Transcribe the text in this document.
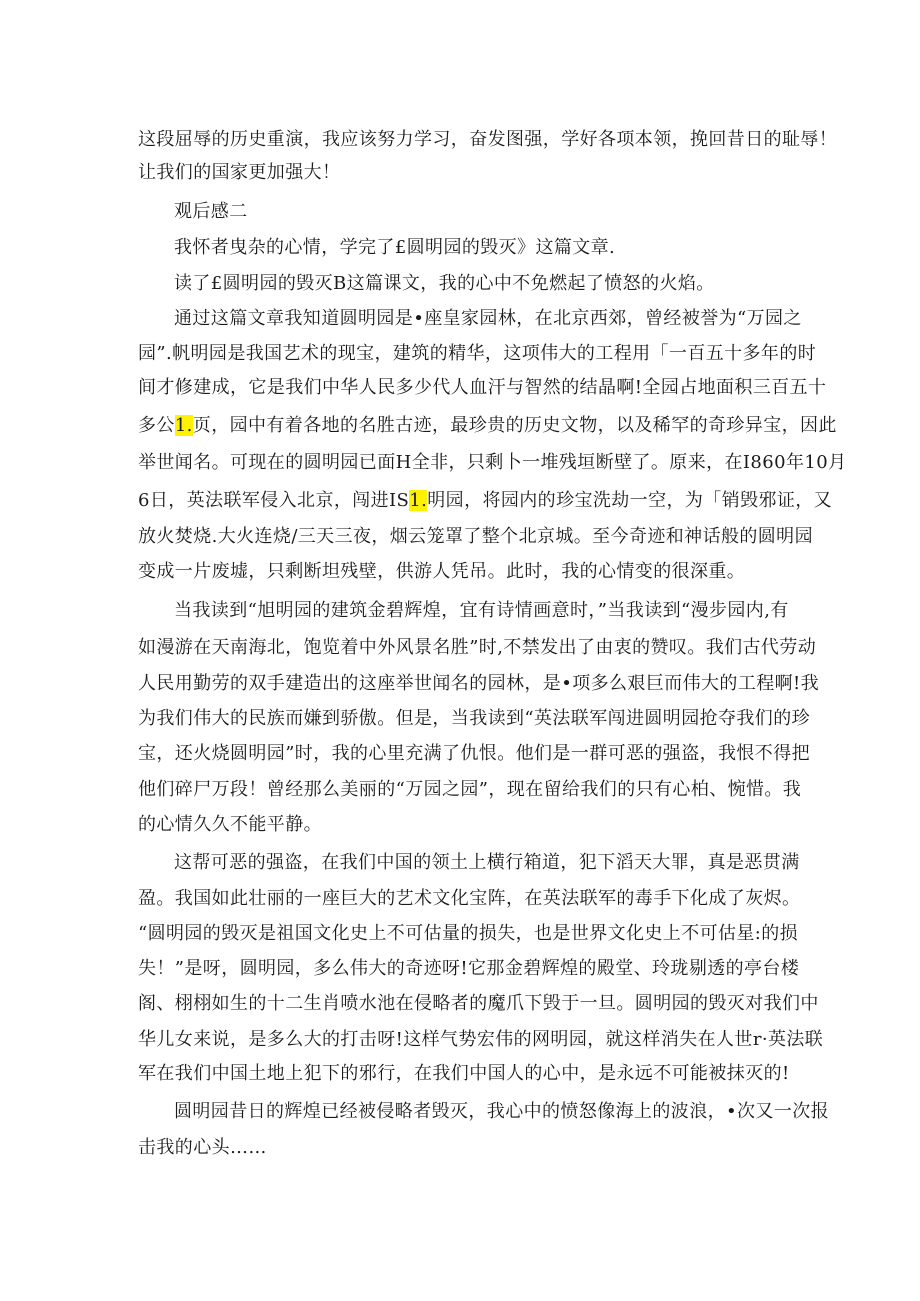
这段屈辱的历史重演，我应该努力学习，奋发图强，学好各项本领，挽回昔日的耻辱！
让我们的国家更加强大！
观后感二
我怀者曳杂的心情，学完了£圆明园的毁灭》这篇文章.
读了£圆明园的毁灭B这篇课文，我的心中不免燃起了愤怒的火焰。
通过这篇文章我知道圆明园是•座皇家园林，在北京西郊，曾经被誉为“万园之
园”.帆明园是我国艺术的现宝，建筑的精华，这项伟大的工程用「一百五十多年的时
间才修建成，它是我们中华人民多少代人血汗与智然的结晶啊!全园占地面积三百五十
多公1.页，园中有着各地的名胜古迹，最珍贵的历史文物，以及稀罕的奇珍异宝，因此
举世闻名。可现在的圆明园已面H全非，只剩卜一堆残垣断壁了。原来，在I860年10月
6日，英法联军侵入北京，闯进IS1.明园，将园内的珍宝洗劫一空，为「销毁邪证，又
放火焚烧.大火连烧/三天三夜，烟云笼罩了整个北京城。至今奇迹和神话般的圆明园
变成一片废墟，只剩断坦残壁，供游人凭吊。此时，我的心情变的很深重。
当我读到“旭明园的建筑金碧辉煌，宜有诗情画意时，”当我读到“漫步园内,有
如漫游在天南海北，饱览着中外风景名胜”时,不禁发出了由衷的赞叹。我们古代劳动
人民用勤劳的双手建造出的这座举世闻名的园林，是•项多么艰巨而伟大的工程啊!我
为我们伟大的民族而嫌到骄傲。但是，当我读到“英法联军闯进圆明园抢夺我们的珍
宝，还火烧圆明园”时，我的心里充满了仇恨。他们是一群可恶的强盗，我恨不得把
他们碎尸万段！曾经那么美丽的“万园之园”，现在留给我们的只有心柏、惋惜。我
的心情久久不能平静。
这帮可恶的强盗，在我们中国的领土上横行箱道，犯下滔天大罪，真是恶贯满
盈。我国如此壮丽的一座巨大的艺术文化宝阵，在英法联军的毒手下化成了灰烬。
“圆明园的毁灭是祖国文化史上不可估量的损失，也是世界文化史上不可估星:的损
失！”是呀，圆明园，多么伟大的奇迹呀!它那金碧辉煌的殿堂、玲珑剔透的亭台楼
阁、栩栩如生的十二生肖喷水池在侵略者的魔爪下毁于一旦。圆明园的毁灭对我们中
华儿女来说，是多么大的打击呀!这样气势宏伟的网明园，就这样消失在人世r·英法联
军在我们中国土地上犯下的邪行，在我们中国人的心中，是永远不可能被抹灭的!
圆明园昔日的辉煌已经被侵略者毁灭，我心中的愤怒像海上的波浪，•次又一次报
击我的心头……
